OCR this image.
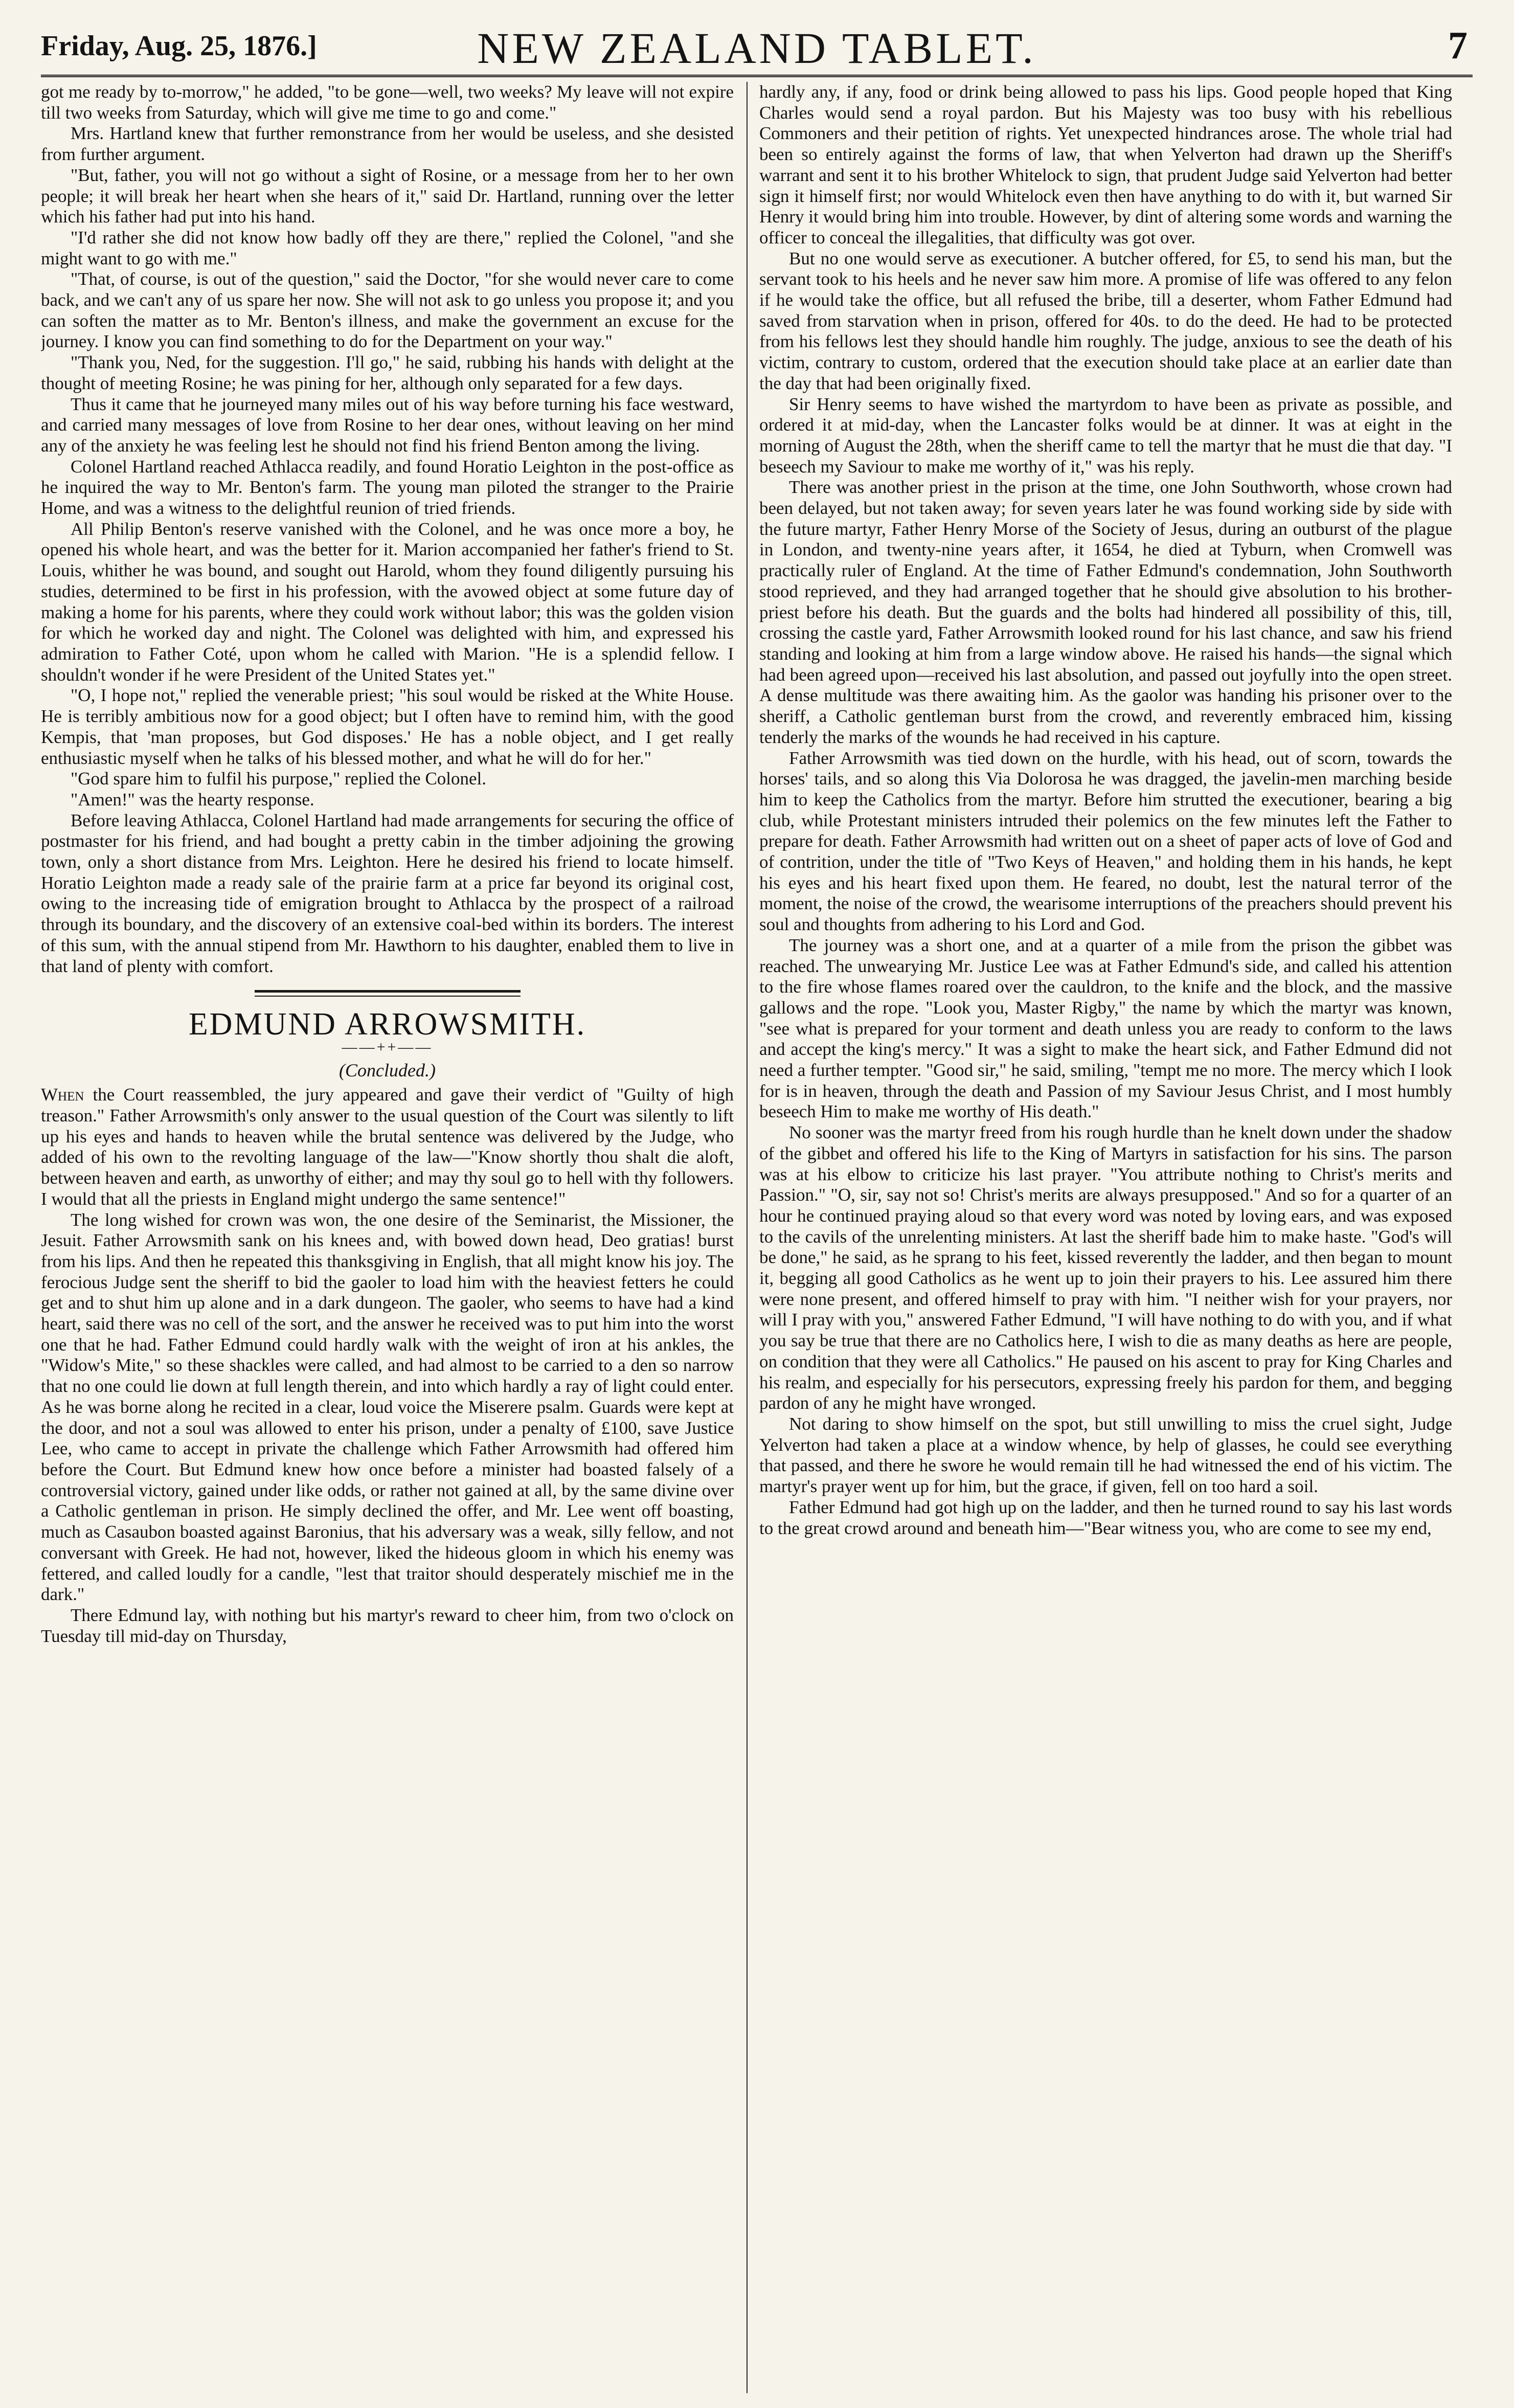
Friday, Aug. 25, 1876.]	NEW ZEALAND TABLET.	7

got me ready by to-morrow," he added, "to be gone—well, two weeks? My leave will not expire till two weeks from Saturday, which will give me time to go and come."

Mrs. Hartland knew that further remonstrance from her would be useless, and she desisted from further argument.

"But, father, you will not go without a sight of Rosine, or a message from her to her own people; it will break her heart when she hears of it," said Dr. Hartland, running over the letter which his father had put into his hand.

"I'd rather she did not know how badly off they are there," replied the Colonel, "and she might want to go with me."

"That, of course, is out of the question," said the Doctor, "for she would never care to come back, and we can't any of us spare her now. She will not ask to go unless you propose it; and you can soften the matter as to Mr. Benton's illness, and make the government an excuse for the journey. I know you can find something to do for the Department on your way."

"Thank you, Ned, for the suggestion. I'll go," he said, rubbing his hands with delight at the thought of meeting Rosine; he was pining for her, although only separated for a few days.

Thus it came that he journeyed many miles out of his way before turning his face westward, and carried many messages of love from Rosine to her dear ones, without leaving on her mind any of the anxiety he was feeling lest he should not find his friend Benton among the living.

Colonel Hartland reached Athlacca readily, and found Horatio Leighton in the post-office as he inquired the way to Mr. Benton's farm. The young man piloted the stranger to the Prairie Home, and was a witness to the delightful reunion of tried friends.

All Philip Benton's reserve vanished with the Colonel, and he was once more a boy, he opened his whole heart, and was the better for it. Marion accompanied her father's friend to St. Louis, whither he was bound, and sought out Harold, whom they found diligently pursuing his studies, determined to be first in his profession, with the avowed object at some future day of making a home for his parents, where they could work without labor; this was the golden vision for which he worked day and night. The Colonel was delighted with him, and expressed his admiration to Father Coté, upon whom he called with Marion. "He is a splendid fellow. I shouldn't wonder if he were President of the United States yet."

"O, I hope not," replied the venerable priest; "his soul would be risked at the White House. He is terribly ambitious now for a good object; but I often have to remind him, with the good Kempis, that 'man proposes, but God disposes.' He has a noble object, and I get really enthusiastic myself when he talks of his blessed mother, and what he will do for her."

"God spare him to fulfil his purpose," replied the Colonel.

"Amen!" was the hearty response.

Before leaving Athlacca, Colonel Hartland had made arrangements for securing the office of postmaster for his friend, and had bought a pretty cabin in the timber adjoining the growing town, only a short distance from Mrs. Leighton. Here he desired his friend to locate himself. Horatio Leighton made a ready sale of the prairie farm at a price far beyond its original cost, owing to the increasing tide of emigration brought to Athlacca by the prospect of a railroad through its boundary, and the discovery of an extensive coal-bed within its borders. The interest of this sum, with the annual stipend from Mr. Hawthorn to his daughter, enabled them to live in that land of plenty with comfort.

EDMUND ARROWSMITH.
——++——
(Concluded.)

When the Court reassembled, the jury appeared and gave their verdict of "Guilty of high treason." Father Arrowsmith's only answer to the usual question of the Court was silently to lift up his eyes and hands to heaven while the brutal sentence was delivered by the Judge, who added of his own to the revolting language of the law—"Know shortly thou shalt die aloft, between heaven and earth, as unworthy of either; and may thy soul go to hell with thy followers. I would that all the priests in England might undergo the same sentence!"

The long wished for crown was won, the one desire of the Seminarist, the Missioner, the Jesuit. Father Arrowsmith sank on his knees and, with bowed down head, Deo gratias! burst from his lips. And then he repeated this thanksgiving in English, that all might know his joy. The ferocious Judge sent the sheriff to bid the gaoler to load him with the heaviest fetters he could get and to shut him up alone and in a dark dungeon. The gaoler, who seems to have had a kind heart, said there was no cell of the sort, and the answer he received was to put him into the worst one that he had. Father Edmund could hardly walk with the weight of iron at his ankles, the "Widow's Mite," so these shackles were called, and had almost to be carried to a den so narrow that no one could lie down at full length therein, and into which hardly a ray of light could enter. As he was borne along he recited in a clear, loud voice the Miserere psalm. Guards were kept at the door, and not a soul was allowed to enter his prison, under a penalty of £100, save Justice Lee, who came to accept in private the challenge which Father Arrowsmith had offered him before the Court. But Edmund knew how once before a minister had boasted falsely of a controversial victory, gained under like odds, or rather not gained at all, by the same divine over a Catholic gentleman in prison. He simply declined the offer, and Mr. Lee went off boasting, much as Casaubon boasted against Baronius, that his adversary was a weak, silly fellow, and not conversant with Greek. He had not, however, liked the hideous gloom in which his enemy was fettered, and called loudly for a candle, "lest that traitor should desperately mischief me in the dark."

There Edmund lay, with nothing but his martyr's reward to cheer him, from two o'clock on Tuesday till mid-day on Thursday,

hardly any, if any, food or drink being allowed to pass his lips. Good people hoped that King Charles would send a royal pardon. But his Majesty was too busy with his rebellious Commoners and their petition of rights. Yet unexpected hindrances arose. The whole trial had been so entirely against the forms of law, that when Yelverton had drawn up the Sheriff's warrant and sent it to his brother Whitelock to sign, that prudent Judge said Yelverton had better sign it himself first; nor would Whitelock even then have anything to do with it, but warned Sir Henry it would bring him into trouble. However, by dint of altering some words and warning the officer to conceal the illegalities, that difficulty was got over.

But no one would serve as executioner. A butcher offered, for £5, to send his man, but the servant took to his heels and he never saw him more. A promise of life was offered to any felon if he would take the office, but all refused the bribe, till a deserter, whom Father Edmund had saved from starvation when in prison, offered for 40s. to do the deed. He had to be protected from his fellows lest they should handle him roughly. The judge, anxious to see the death of his victim, contrary to custom, ordered that the execution should take place at an earlier date than the day that had been originally fixed.

Sir Henry seems to have wished the martyrdom to have been as private as possible, and ordered it at mid-day, when the Lancaster folks would be at dinner. It was at eight in the morning of August the 28th, when the sheriff came to tell the martyr that he must die that day. "I beseech my Saviour to make me worthy of it," was his reply.

There was another priest in the prison at the time, one John Southworth, whose crown had been delayed, but not taken away; for seven years later he was found working side by side with the future martyr, Father Henry Morse of the Society of Jesus, during an outburst of the plague in London, and twenty-nine years after, it 1654, he died at Tyburn, when Cromwell was practically ruler of England. At the time of Father Edmund's condemnation, John Southworth stood reprieved, and they had arranged together that he should give absolution to his brother-priest before his death. But the guards and the bolts had hindered all possibility of this, till, crossing the castle yard, Father Arrowsmith looked round for his last chance, and saw his friend standing and looking at him from a large window above. He raised his hands—the signal which had been agreed upon—received his last absolution, and passed out joyfully into the open street. A dense multitude was there awaiting him. As the gaolor was handing his prisoner over to the sheriff, a Catholic gentleman burst from the crowd, and reverently embraced him, kissing tenderly the marks of the wounds he had received in his capture.

Father Arrowsmith was tied down on the hurdle, with his head, out of scorn, towards the horses' tails, and so along this Via Dolorosa he was dragged, the javelin-men marching beside him to keep the Catholics from the martyr. Before him strutted the executioner, bearing a big club, while Protestant ministers intruded their polemics on the few minutes left the Father to prepare for death. Father Arrowsmith had written out on a sheet of paper acts of love of God and of contrition, under the title of "Two Keys of Heaven," and holding them in his hands, he kept his eyes and his heart fixed upon them. He feared, no doubt, lest the natural terror of the moment, the noise of the crowd, the wearisome interruptions of the preachers should prevent his soul and thoughts from adhering to his Lord and God.

The journey was a short one, and at a quarter of a mile from the prison the gibbet was reached. The unwearying Mr. Justice Lee was at Father Edmund's side, and called his attention to the fire whose flames roared over the cauldron, to the knife and the block, and the massive gallows and the rope. "Look you, Master Rigby," the name by which the martyr was known, "see what is prepared for your torment and death unless you are ready to conform to the laws and accept the king's mercy." It was a sight to make the heart sick, and Father Edmund did not need a further tempter. "Good sir," he said, smiling, "tempt me no more. The mercy which I look for is in heaven, through the death and Passion of my Saviour Jesus Christ, and I most humbly beseech Him to make me worthy of His death."

No sooner was the martyr freed from his rough hurdle than he knelt down under the shadow of the gibbet and offered his life to the King of Martyrs in satisfaction for his sins. The parson was at his elbow to criticize his last prayer. "You attribute nothing to Christ's merits and Passion." "O, sir, say not so! Christ's merits are always presupposed." And so for a quarter of an hour he continued praying aloud so that every word was noted by loving ears, and was exposed to the cavils of the unrelenting ministers. At last the sheriff bade him to make haste. "God's will be done," he said, as he sprang to his feet, kissed reverently the ladder, and then began to mount it, begging all good Catholics as he went up to join their prayers to his. Lee assured him there were none present, and offered himself to pray with him. "I neither wish for your prayers, nor will I pray with you," answered Father Edmund, "I will have nothing to do with you, and if what you say be true that there are no Catholics here, I wish to die as many deaths as here are people, on condition that they were all Catholics." He paused on his ascent to pray for King Charles and his realm, and especially for his persecutors, expressing freely his pardon for them, and begging pardon of any he might have wronged.

Not daring to show himself on the spot, but still unwilling to miss the cruel sight, Judge Yelverton had taken a place at a window whence, by help of glasses, he could see everything that passed, and there he swore he would remain till he had witnessed the end of his victim. The martyr's prayer went up for him, but the grace, if given, fell on too hard a soil.

Father Edmund had got high up on the ladder, and then he turned round to say his last words to the great crowd around and beneath him—"Bear witness you, who are come to see my end,
